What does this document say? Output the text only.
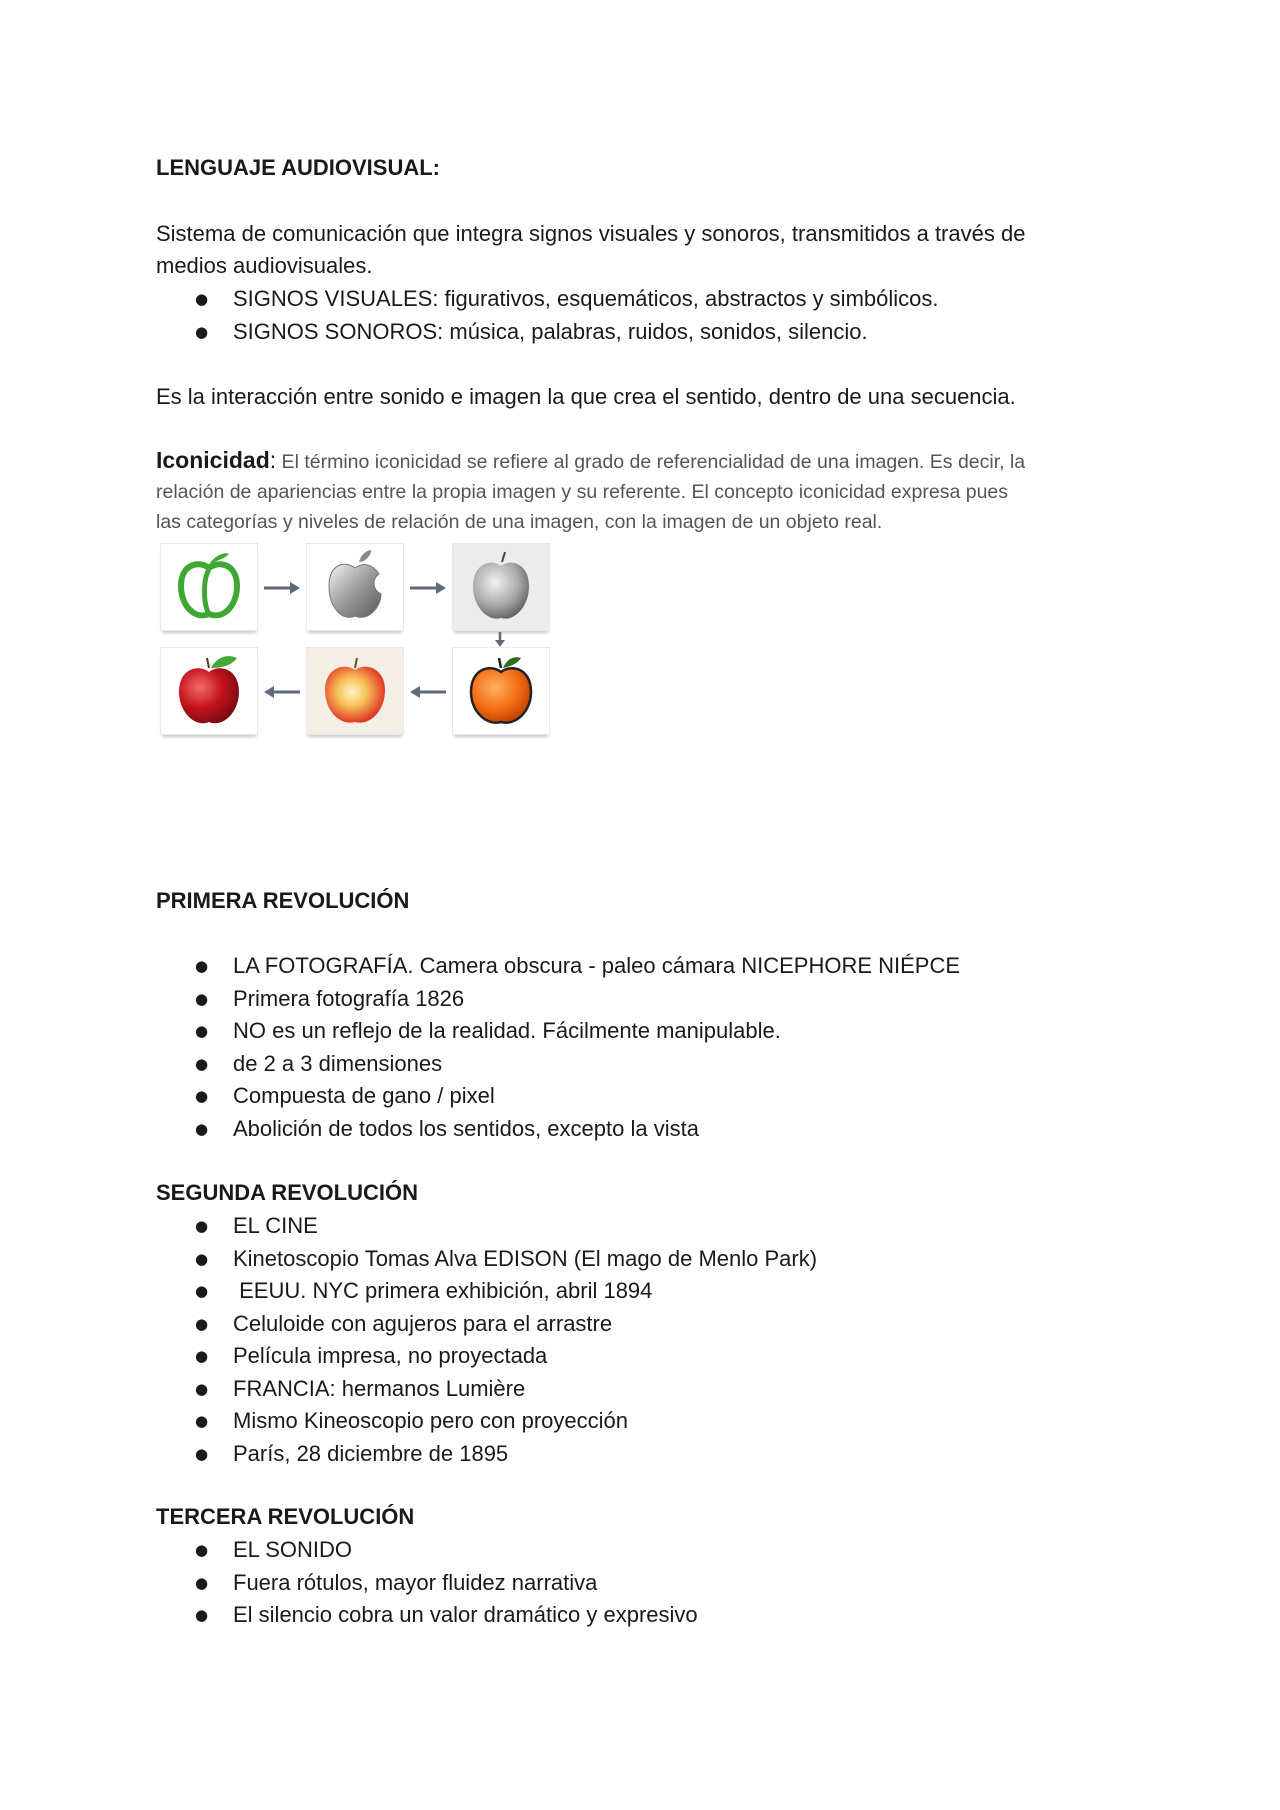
LENGUAJE AUDIOVISUAL:

Sistema de comunicación que integra signos visuales y sonoros, transmitidos a través de
medios audiovisuales.

● SIGNOS VISUALES: figurativos, esquemáticos, abstractos y simbólicos.
● SIGNOS SONOROS: música, palabras, ruidos, sonidos, silencio.

Es la interacción entre sonido e imagen la que crea el sentido, dentro de una secuencia.

Iconicidad: El término iconicidad se refiere al grado de referencialidad de una imagen. Es decir, la
relación de apariencias entre la propia imagen y su referente. El concepto iconicidad expresa pues
las categorías y niveles de relación de una imagen, con la imagen de un objeto real.

PRIMERA REVOLUCIÓN
● LA FOTOGRAFÍA. Camera obscura - paleo cámara NICEPHORE NIÉPCE
● Primera fotografía 1826
● NO es un reflejo de la realidad. Fácilmente manipulable.
● de 2 a 3 dimensiones
● Compuesta de gano / pixel
● Abolición de todos los sentidos, excepto la vista
SEGUNDA REVOLUCIÓN
● EL CINE
● Kinetoscopio Tomas Alva EDISON (El mago de Menlo Park)
●  EEUU. NYC primera exhibición, abril 1894
● Celuloide con agujeros para el arrastre
● Película impresa, no proyectada
● FRANCIA: hermanos Lumière
● Mismo Kineoscopio pero con proyección
● París, 28 diciembre de 1895
TERCERA REVOLUCIÓN
● EL SONIDO
● Fuera rótulos, mayor fluidez narrativa
● El silencio cobra un valor dramático y expresivo
